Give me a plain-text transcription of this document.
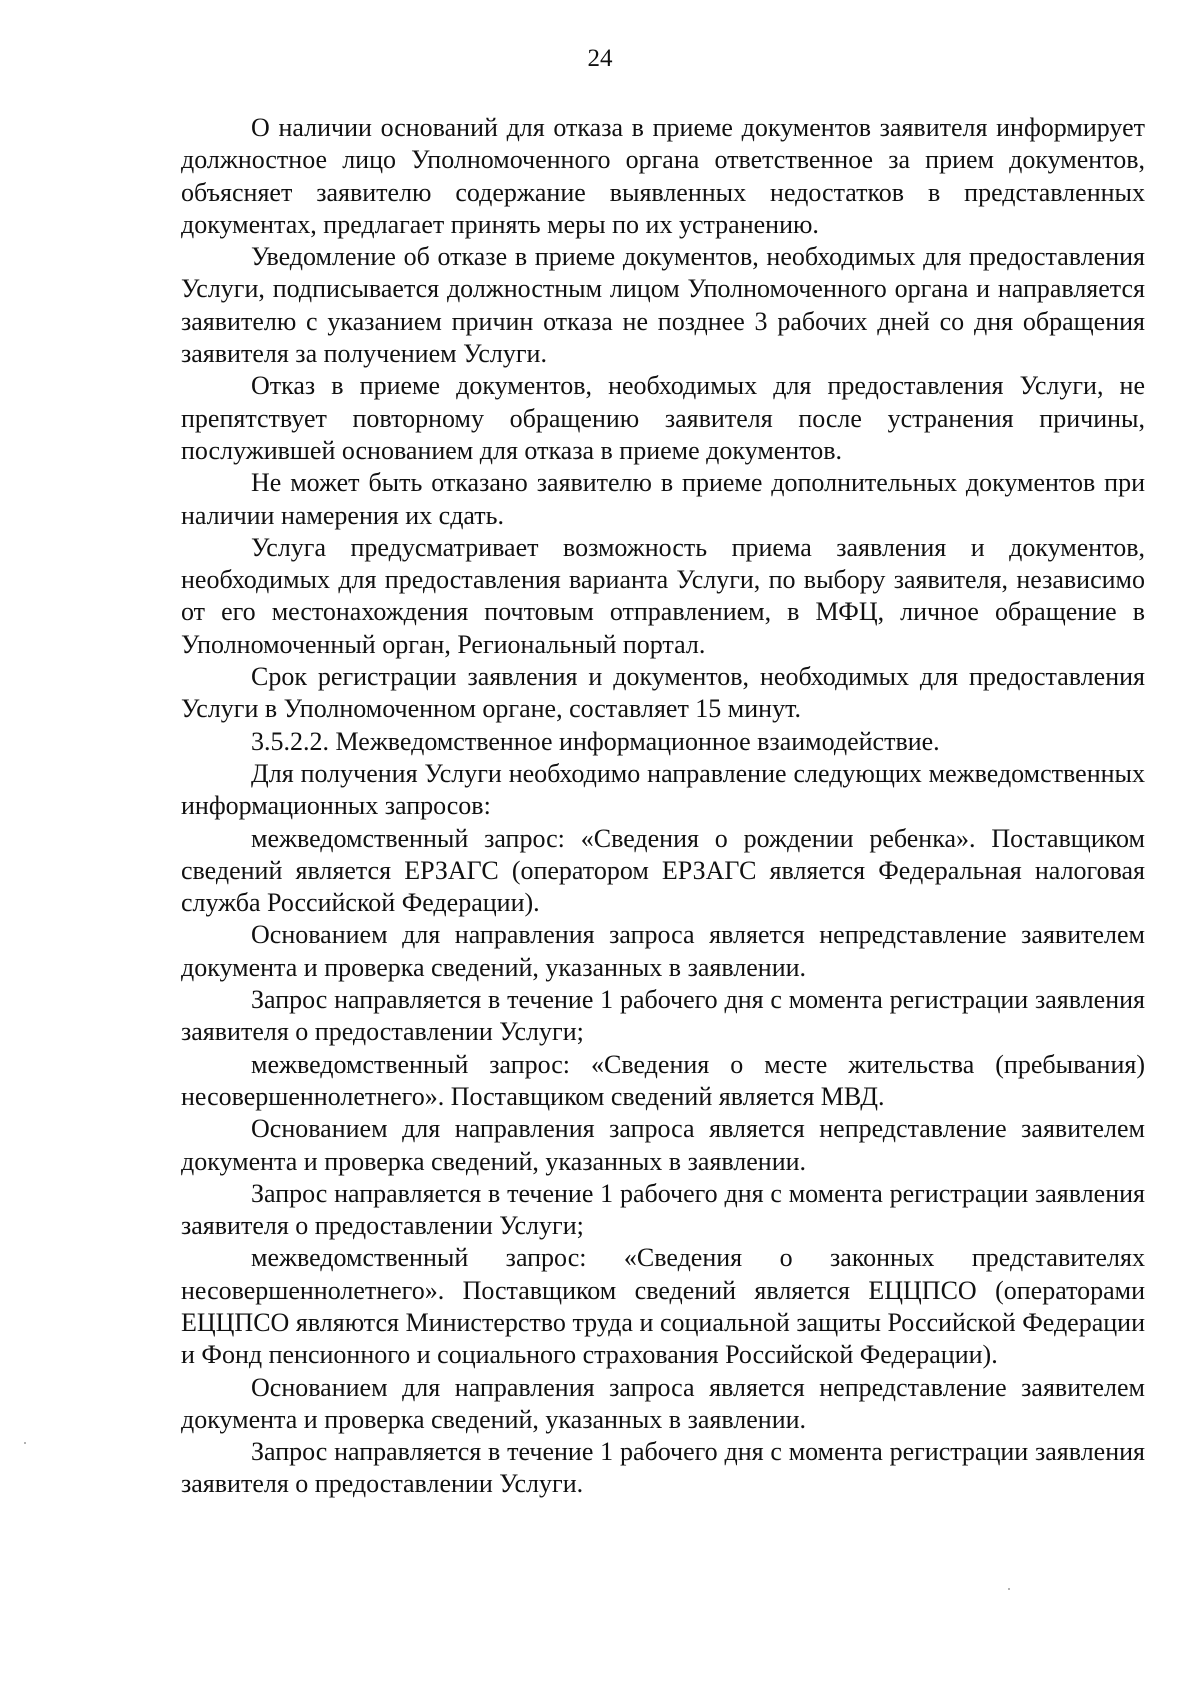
24

О наличии оснований для отказа в приеме документов заявителя информирует должностное лицо Уполномоченного органа ответственное за прием документов, объясняет заявителю содержание выявленных недостатков в представленных документах, предлагает принять меры по их устранению.

Уведомление об отказе в приеме документов, необходимых для предоставления Услуги, подписывается должностным лицом Уполномоченного органа и направляется заявителю с указанием причин отказа не позднее 3 рабочих дней со дня обращения заявителя за получением Услуги.

Отказ в приеме документов, необходимых для предоставления Услуги, не препятствует повторному обращению заявителя после устранения причины, послужившей основанием для отказа в приеме документов.

Не может быть отказано заявителю в приеме дополнительных документов при наличии намерения их сдать.

Услуга предусматривает возможность приема заявления и документов, необходимых для предоставления варианта Услуги, по выбору заявителя, независимо от его местонахождения почтовым отправлением, в МФЦ, личное обращение в Уполномоченный орган, Региональный портал.

Срок регистрации заявления и документов, необходимых для предоставления Услуги в Уполномоченном органе, составляет 15 минут.

3.5.2.2. Межведомственное информационное взаимодействие.

Для получения Услуги необходимо направление следующих межведомственных информационных запросов:

межведомственный запрос: «Сведения о рождении ребенка». Поставщиком сведений является ЕРЗАГС (оператором ЕРЗАГС является Федеральная налоговая служба Российской Федерации).

Основанием для направления запроса является непредставление заявителем документа и проверка сведений, указанных в заявлении.

Запрос направляется в течение 1 рабочего дня с момента регистрации заявления заявителя о предоставлении Услуги;

межведомственный запрос: «Сведения о месте жительства (пребывания) несовершеннолетнего». Поставщиком сведений является МВД.

Основанием для направления запроса является непредставление заявителем документа и проверка сведений, указанных в заявлении.

Запрос направляется в течение 1 рабочего дня с момента регистрации заявления заявителя о предоставлении Услуги;

межведомственный запрос: «Сведения о законных представителях несовершеннолетнего». Поставщиком сведений является ЕЦЦПСО (операторами ЕЦЦПСО являются Министерство труда и социальной защиты Российской Федерации и Фонд пенсионного и социального страхования Российской Федерации).

Основанием для направления запроса является непредставление заявителем документа и проверка сведений, указанных в заявлении.

Запрос направляется в течение 1 рабочего дня с момента регистрации заявления заявителя о предоставлении Услуги.
